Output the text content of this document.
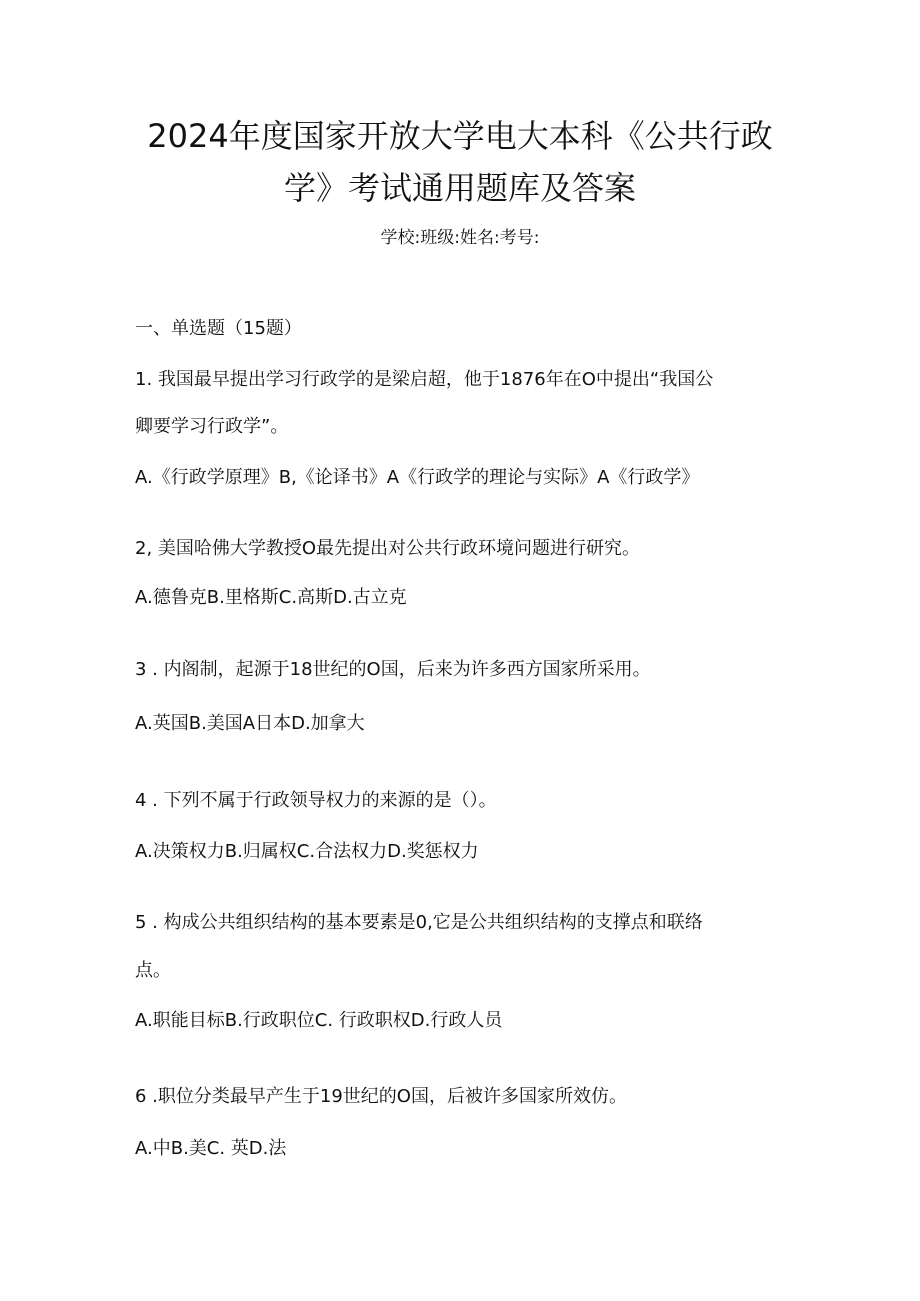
2024年度国家开放大学电大本科《公共行政
学》考试通用题库及答案
学校:班级:姓名:考号:
一、单选题（15题）
1. 我国最早提出学习行政学的是梁启超，他于1876年在O中提出“我国公
卿要学习行政学”。
A.《行政学原理》B,《论译书》A《行政学的理论与实际》A《行政学》
2, 美国哈佛大学教授O最先提出对公共行政环境问题进行研究。
A.德鲁克B.里格斯C.高斯D.古立克
3 . 内阁制，起源于18世纪的O国，后来为许多西方国家所采用。
A.英国B.美国A日本D.加拿大
4 . 下列不属于行政领导权力的来源的是（）。
A.决策权力B.归属权C.合法权力D.奖惩权力
5 . 构成公共组织结构的基本要素是0,它是公共组织结构的支撑点和联络
点。
A.职能目标B.行政职位C. 行政职权D.行政人员
6 .职位分类最早产生于19世纪的O国，后被许多国家所效仿。
A.中B.美C. 英D.法
